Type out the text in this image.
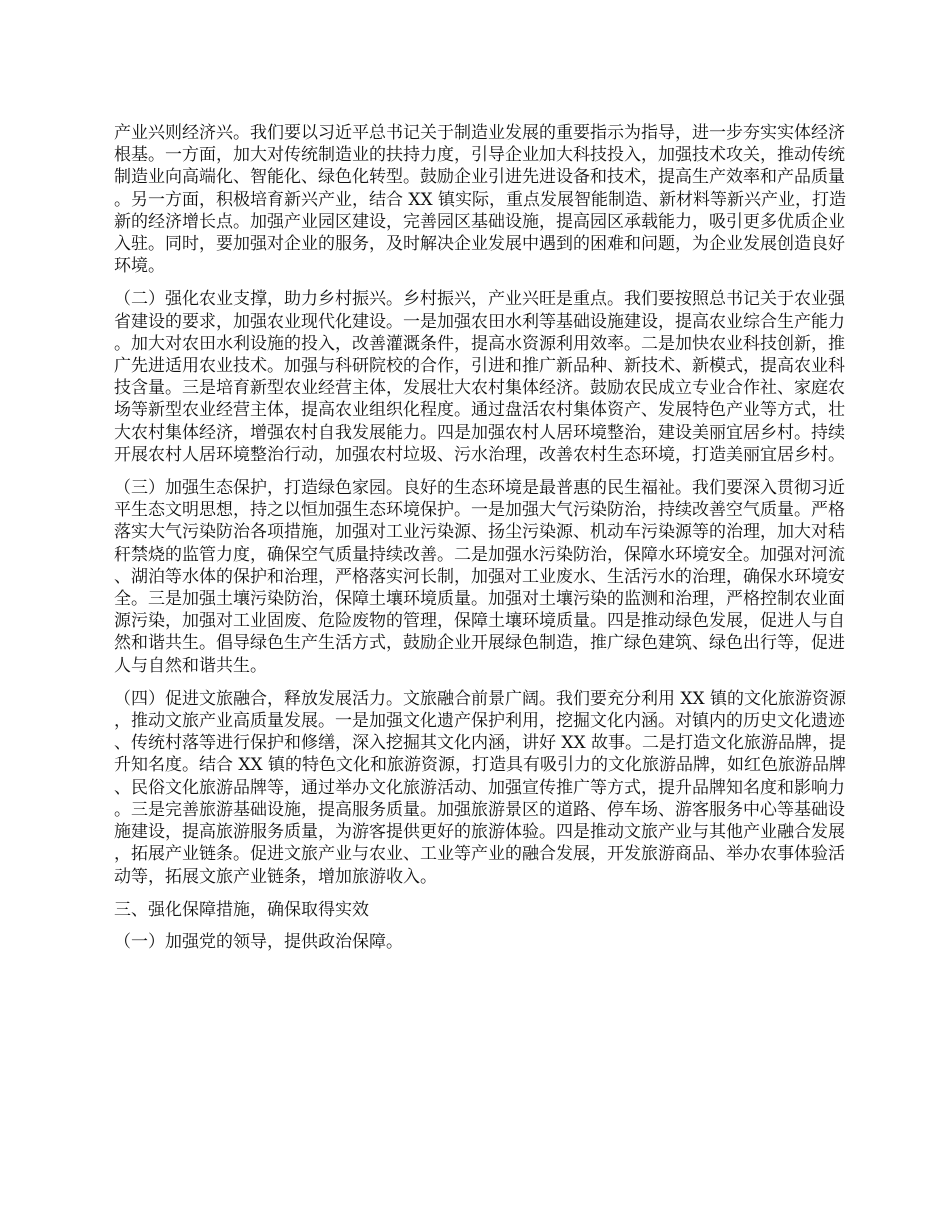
产业兴则经济兴。我们要以习近平总书记关于制造业发展的重要指示为指导，进一步夯实实体经济根基。一方面，加大对传统制造业的扶持力度，引导企业加大科技投入，加强技术攻关，推动传统制造业向高端化、智能化、绿色化转型。鼓励企业引进先进设备和技术，提高生产效率和产品质量。另一方面，积极培育新兴产业，结合 XX 镇实际，重点发展智能制造、新材料等新兴产业，打造新的经济增长点。加强产业园区建设，完善园区基础设施，提高园区承载能力，吸引更多优质企业入驻。同时，要加强对企业的服务，及时解决企业发展中遇到的困难和问题，为企业发展创造良好环境。

（二）强化农业支撑，助力乡村振兴。乡村振兴，产业兴旺是重点。我们要按照总书记关于农业强省建设的要求，加强农业现代化建设。一是加强农田水利等基础设施建设，提高农业综合生产能力。加大对农田水利设施的投入，改善灌溉条件，提高水资源利用效率。二是加快农业科技创新，推广先进适用农业技术。加强与科研院校的合作，引进和推广新品种、新技术、新模式，提高农业科技含量。三是培育新型农业经营主体，发展壮大农村集体经济。鼓励农民成立专业合作社、家庭农场等新型农业经营主体，提高农业组织化程度。通过盘活农村集体资产、发展特色产业等方式，壮大农村集体经济，增强农村自我发展能力。四是加强农村人居环境整治，建设美丽宜居乡村。持续开展农村人居环境整治行动，加强农村垃圾、污水治理，改善农村生态环境，打造美丽宜居乡村。

（三）加强生态保护，打造绿色家园。良好的生态环境是最普惠的民生福祉。我们要深入贯彻习近平生态文明思想，持之以恒加强生态环境保护。一是加强大气污染防治，持续改善空气质量。严格落实大气污染防治各项措施，加强对工业污染源、扬尘污染源、机动车污染源等的治理，加大对秸秆禁烧的监管力度，确保空气质量持续改善。二是加强水污染防治，保障水环境安全。加强对河流、湖泊等水体的保护和治理，严格落实河长制，加强对工业废水、生活污水的治理，确保水环境安全。三是加强土壤污染防治，保障土壤环境质量。加强对土壤污染的监测和治理，严格控制农业面源污染，加强对工业固废、危险废物的管理，保障土壤环境质量。四是推动绿色发展，促进人与自然和谐共生。倡导绿色生产生活方式，鼓励企业开展绿色制造，推广绿色建筑、绿色出行等，促进人与自然和谐共生。

（四）促进文旅融合，释放发展活力。文旅融合前景广阔。我们要充分利用 XX 镇的文化旅游资源，推动文旅产业高质量发展。一是加强文化遗产保护利用，挖掘文化内涵。对镇内的历史文化遗迹、传统村落等进行保护和修缮，深入挖掘其文化内涵，讲好 XX 故事。二是打造文化旅游品牌，提升知名度。结合 XX 镇的特色文化和旅游资源，打造具有吸引力的文化旅游品牌，如红色旅游品牌、民俗文化旅游品牌等，通过举办文化旅游活动、加强宣传推广等方式，提升品牌知名度和影响力。三是完善旅游基础设施，提高服务质量。加强旅游景区的道路、停车场、游客服务中心等基础设施建设，提高旅游服务质量，为游客提供更好的旅游体验。四是推动文旅产业与其他产业融合发展，拓展产业链条。促进文旅产业与农业、工业等产业的融合发展，开发旅游商品、举办农事体验活动等，拓展文旅产业链条，增加旅游收入。

三、强化保障措施，确保取得实效

（一）加强党的领导，提供政治保障。
